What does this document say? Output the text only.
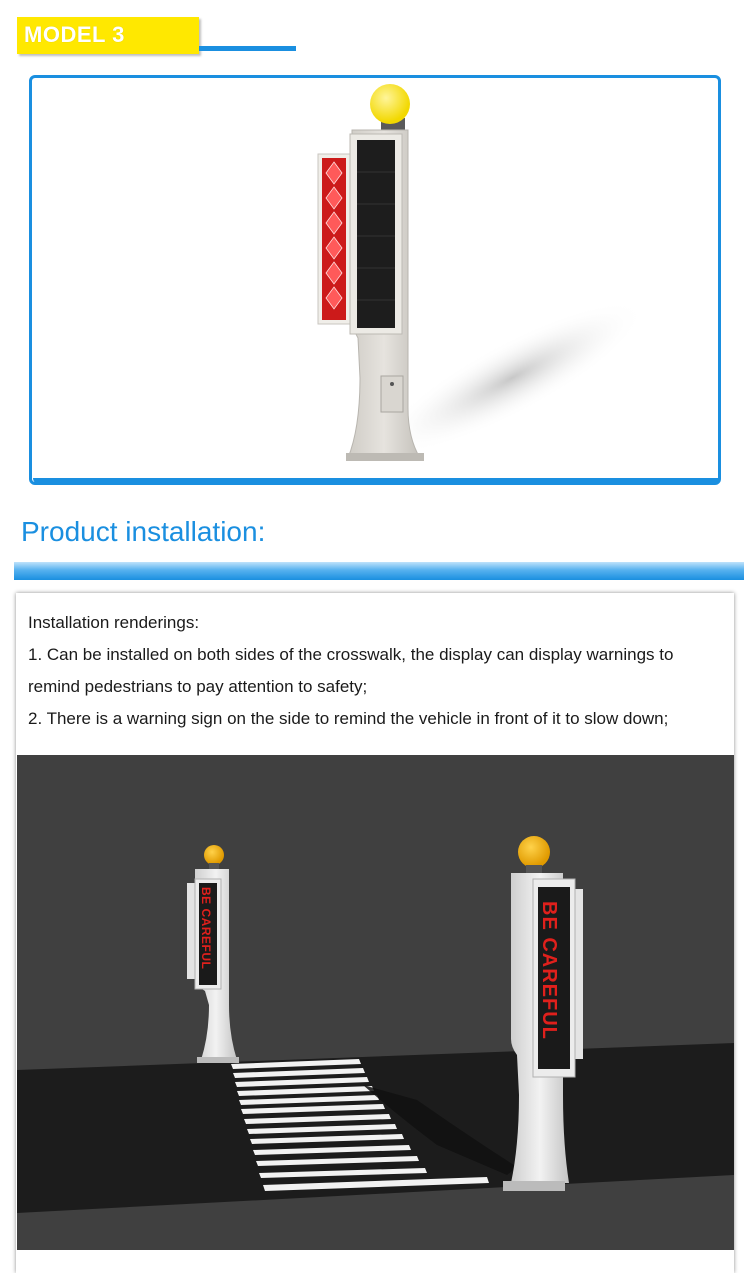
MODEL 3
Product installation:

Installation renderings:

1. Can be installed on both sides of the crosswalk, the display can display warnings to remind pedestrians to pay attention to safety;

2. There is a warning sign on the side to remind the vehicle in front of it to slow down;

BE CAREFUL	BE CAREFUL
